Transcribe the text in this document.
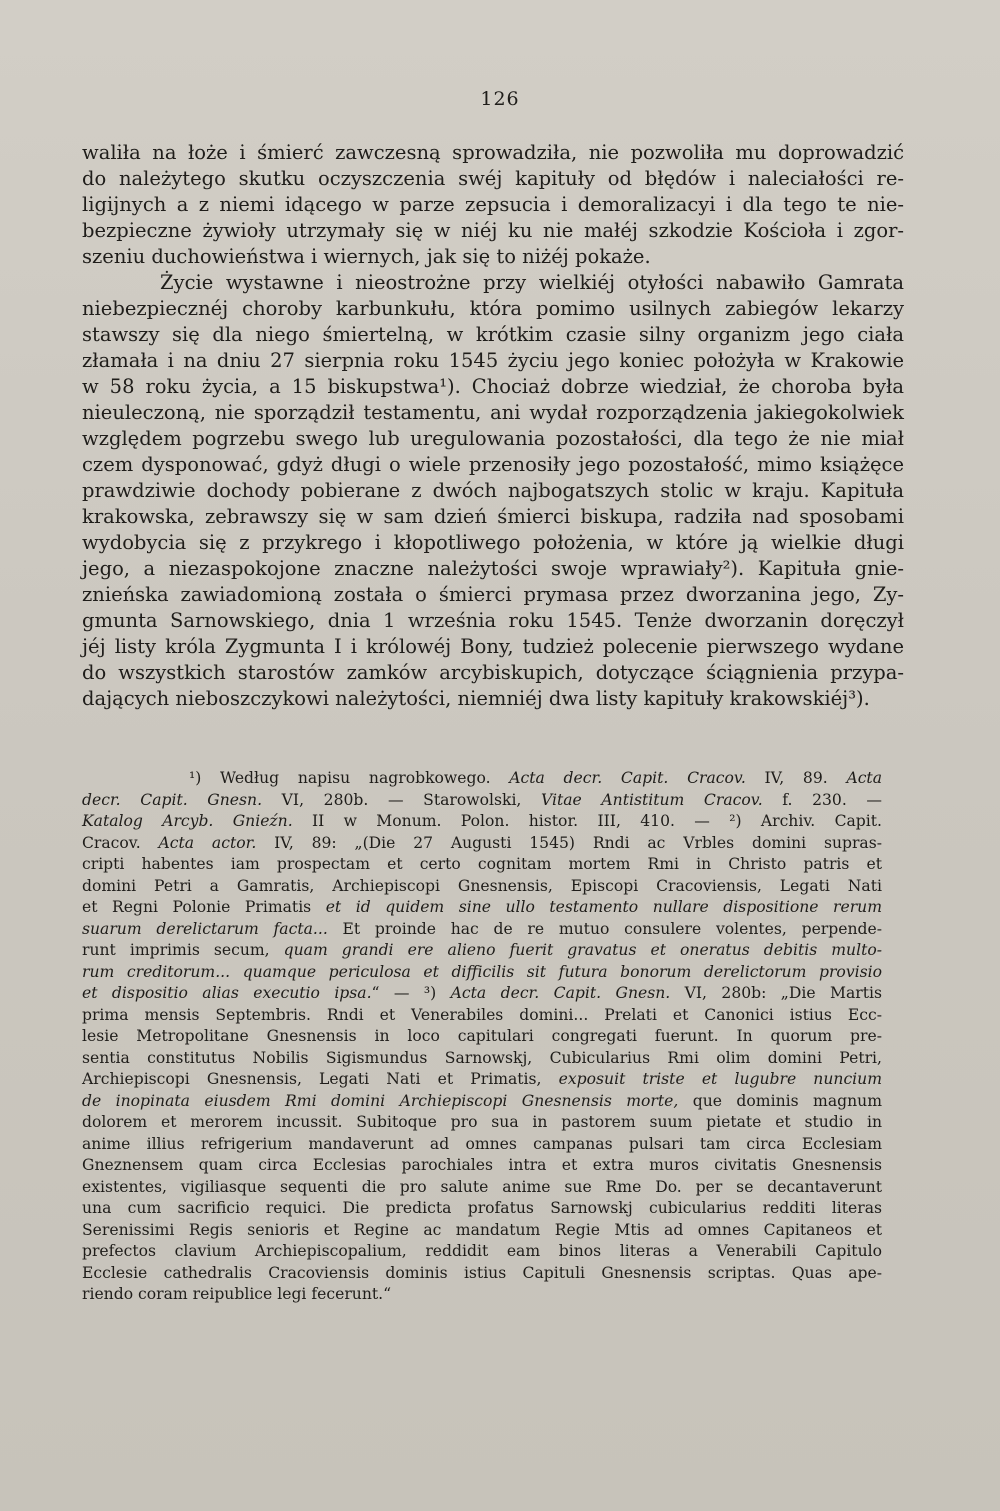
126
waliła na łoże i śmierć zawczesną sprowadziła, nie pozwoliła mu doprowadzić
do należytego skutku oczyszczenia swéj kapituły od błędów i naleciałości re-
ligijnych a z niemi idącego w parze zepsucia i demoralizacyi i dla tego te nie-
bezpieczne żywioły utrzymały się w niéj ku nie małéj szkodzie Kościoła i zgor-
szeniu duchowieństwa i wiernych, jak się to niżéj pokaże.
Życie wystawne i nieostrożne przy wielkiéj otyłości nabawiło Gamrata
niebezpiecznéj choroby karbunkułu, która pomimo usilnych zabiegów lekarzy
stawszy się dla niego śmiertelną, w krótkim czasie silny organizm jego ciała
złamała i na dniu 27 sierpnia roku 1545 życiu jego koniec położyła w Krakowie
w 58 roku życia, a 15 biskupstwa¹). Chociaż dobrze wiedział, że choroba była
nieuleczoną, nie sporządził testamentu, ani wydał rozporządzenia jakiegokolwiek
względem pogrzebu swego lub uregulowania pozostałości, dla tego że nie miał
czem dysponować, gdyż długi o wiele przenosiły jego pozostałość, mimo książęce
prawdziwie dochody pobierane z dwóch najbogatszych stolic w kraju. Kapituła
krakowska, zebrawszy się w sam dzień śmierci biskupa, radziła nad sposobami
wydobycia się z przykrego i kłopotliwego położenia, w które ją wielkie długi
jego, a niezaspokojone znaczne należytości swoje wprawiały²). Kapituła gnie-
znieńska zawiadomioną została o śmierci prymasa przez dworzanina jego, Zy-
gmunta Sarnowskiego, dnia 1 września roku 1545. Tenże dworzanin doręczył
jéj listy króla Zygmunta I i królowéj Bony, tudzież polecenie pierwszego wydane
do wszystkich starostów zamków arcybiskupich, dotyczące ściągnienia przypa-
dających nieboszczykowi należytości, niemniéj dwa listy kapituły krakowskiéj³).
¹) Według napisu nagrobkowego. Acta decr. Capit. Cracov. IV, 89. Acta
decr. Capit. Gnesn. VI, 280b. — Starowolski, Vitae Antistitum Cracov. f. 230. —
Katalog Arcyb. Gnieźn. II w Monum. Polon. histor. III, 410. — ²) Archiv. Capit.
Cracov. Acta actor. IV, 89: „(Die 27 Augusti 1545) Rndi ac Vrbles domini supras-
cripti habentes iam prospectam et certo cognitam mortem Rmi in Christo patris et
domini Petri a Gamratis, Archiepiscopi Gnesnensis, Episcopi Cracoviensis, Legati Nati
et Regni Polonie Primatis et id quidem sine ullo testamento nullare dispositione rerum
suarum derelictarum facta... Et proinde hac de re mutuo consulere volentes, perpende-
runt imprimis secum, quam grandi ere alieno fuerit gravatus et oneratus debitis multo-
rum creditorum... quamque periculosa et difficilis sit futura bonorum derelictorum provisio
et dispositio alias executio ipsa.“ — ³) Acta decr. Capit. Gnesn. VI, 280b: „Die Martis
prima mensis Septembris. Rndi et Venerabiles domini... Prelati et Canonici istius Ecc-
lesie Metropolitane Gnesnensis in loco capitulari congregati fuerunt. In quorum pre-
sentia constitutus Nobilis Sigismundus Sarnowskj, Cubicularius Rmi olim domini Petri,
Archiepiscopi Gnesnensis, Legati Nati et Primatis, exposuit triste et lugubre nuncium
de inopinata eiusdem Rmi domini Archiepiscopi Gnesnensis morte, que dominis magnum
dolorem et merorem incussit. Subitoque pro sua in pastorem suum pietate et studio in
anime illius refrigerium mandaverunt ad omnes campanas pulsari tam circa Ecclesiam
Gneznensem quam circa Ecclesias parochiales intra et extra muros civitatis Gnesnensis
existentes, vigiliasque sequenti die pro salute anime sue Rme Do. per se decantaverunt
una cum sacrificio requici. Die predicta profatus Sarnowskj cubicularius redditi literas
Serenissimi Regis senioris et Regine ac mandatum Regie Mtis ad omnes Capitaneos et
prefectos clavium Archiepiscopalium, reddidit eam binos literas a Venerabili Capitulo
Ecclesie cathedralis Cracoviensis dominis istius Capituli Gnesnensis scriptas. Quas ape-
riendo coram reipublice legi fecerunt.“
